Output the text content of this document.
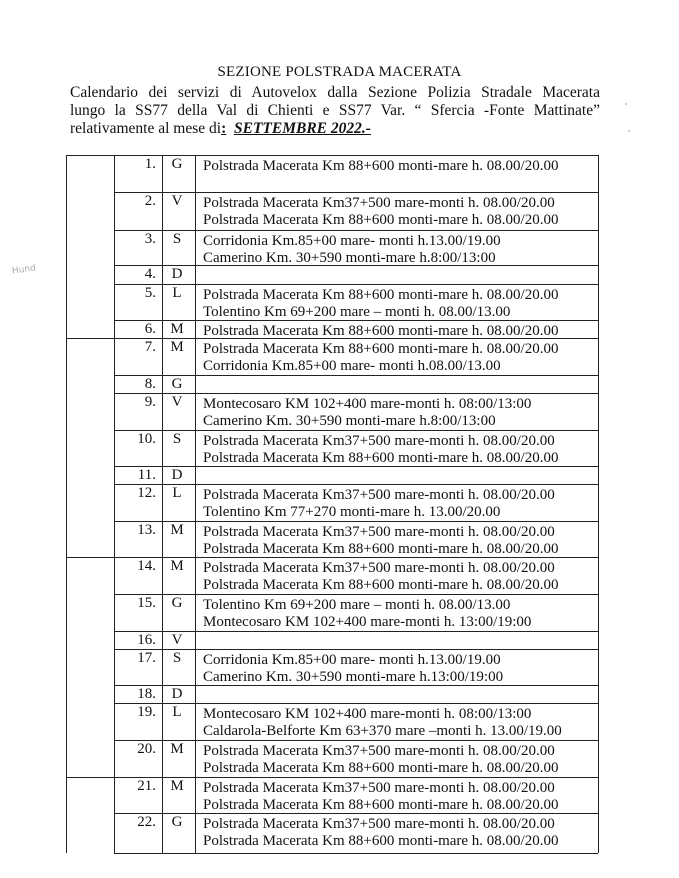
SEZIONE POLSTRADA MACERATA
Calendario dei servizi di Autovelox dalla Sezione Polizia Stradale Macerata
lungo la SS77 della Val di Chienti e SS77 Var. “ Sfercia -Fonte Mattinate”
relativamente al mese di: SETTEMBRE 2022.-
Hund
1.	G	Polstrada Macerata Km 88+600 monti-mare h. 08.00/20.00
2.	V	Polstrada Macerata Km37+500 mare-monti h. 08.00/20.00
Polstrada Macerata Km 88+600 monti-mare h. 08.00/20.00
3.	S	Corridonia Km.85+00 mare- monti h.13.00/19.00
Camerino Km. 30+590 monti-mare h.8:00/13:00
4.	D
5.	L	Polstrada Macerata Km 88+600 monti-mare h. 08.00/20.00
Tolentino Km 69+200 mare – monti h. 08.00/13.00
6. M	Polstrada Macerata Km 88+600 monti-mare h. 08.00/20.00
7. M	Polstrada Macerata Km 88+600 monti-mare h. 08.00/20.00
Corridonia Km.85+00 mare- monti h.08.00/13.00
8.	G
9.	V	Montecosaro KM 102+400 mare-monti h. 08:00/13:00
Camerino Km. 30+590 monti-mare h.8:00/13:00
10.	S	Polstrada Macerata Km37+500 mare-monti h. 08.00/20.00
Polstrada Macerata Km 88+600 monti-mare h. 08.00/20.00
11.	D
12.	L	Polstrada Macerata Km37+500 mare-monti h. 08.00/20.00
Tolentino Km 77+270 monti-mare h. 13.00/20.00
13. M	Polstrada Macerata Km37+500 mare-monti h. 08.00/20.00
Polstrada Macerata Km 88+600 monti-mare h. 08.00/20.00
14. M	Polstrada Macerata Km37+500 mare-monti h. 08.00/20.00
Polstrada Macerata Km 88+600 monti-mare h. 08.00/20.00
15.	G	Tolentino Km 69+200 mare – monti h. 08.00/13.00
Montecosaro KM 102+400 mare-monti h. 13:00/19:00
16.	V
17.	S	Corridonia Km.85+00 mare- monti h.13.00/19.00
Camerino Km. 30+590 monti-mare h.13:00/19:00
18.	D
19.	L	Montecosaro KM 102+400 mare-monti h. 08:00/13:00
Caldarola-Belforte Km 63+370 mare –monti h. 13.00/19.00
20. M	Polstrada Macerata Km37+500 mare-monti h. 08.00/20.00
Polstrada Macerata Km 88+600 monti-mare h. 08.00/20.00
21. M	Polstrada Macerata Km37+500 mare-monti h. 08.00/20.00
Polstrada Macerata Km 88+600 monti-mare h. 08.00/20.00
22.	G	Polstrada Macerata Km37+500 mare-monti h. 08.00/20.00
Polstrada Macerata Km 88+600 monti-mare h. 08.00/20.00
